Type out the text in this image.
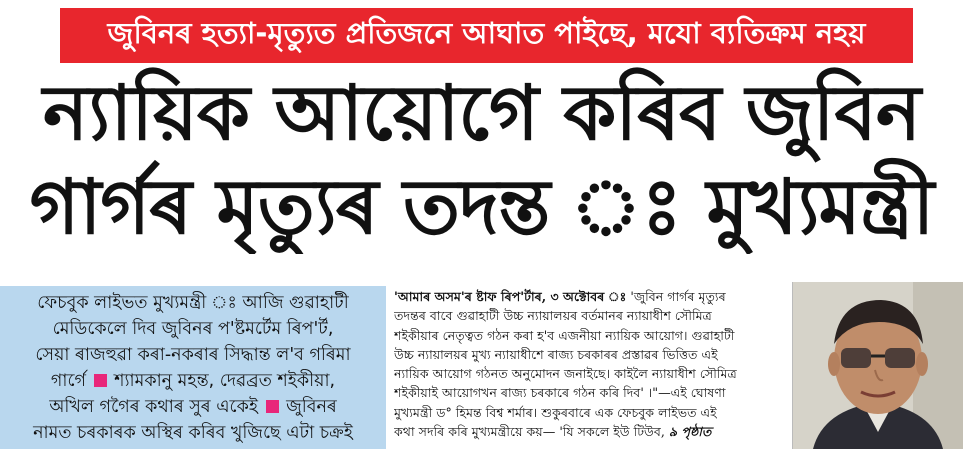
জুবিনৰ হত্যা-মৃত্যুত প্ৰতিজনে আঘাত পাইছে, মযো ব্যতিক্ৰম নহয়
ন্যায়িক আয়োগে কৰিব জুবিন
গাৰ্গৰ মৃত্যুৰ তদন্ত ঃ মুখ্যমন্ত্ৰী
ফেচবুক লাইভত মুখ্যমন্ত্ৰী ঃ আজি গুৱাহাটী
মেডিকেলে দিব জুবিনৰ প'ষ্টমৰ্টেম ৰিপ'ৰ্ট,
সেয়া ৰাজহুৱা কৰা-নকৰাৰ সিদ্ধান্ত ল'ব গৰিমা
গাৰ্গে শ্যামকানু মহন্ত, দেৱব্ৰত শইকীয়া,
অখিল গগৈৰ কথাৰ সুৰ একেই জুবিনৰ
নামত চৰকাৰক অস্থিৰ কৰিব খুজিছে এটা চক্ৰই
'আমাৰ অসম'ৰ ষ্টাফ ৰিপ'ৰ্টাৰ, ৩ অক্টোবৰ ঃ 'জুবিন গাৰ্গৰ মৃত্যুৰ
তদন্তৰ বাবে গুৱাহাটী উচ্চ ন্যায়ালয়ৰ বৰ্তমানৰ ন্যায়াধীশ সৌমিত্ৰ
শইকীয়াৰ নেতৃত্বত গঠন কৰা হ'ব এজনীয়া ন্যায়িক আয়োগ। গুৱাহাটী
উচ্চ ন্যায়ালয়ৰ মুখ্য ন্যায়াধীশে ৰাজ্য চৰকাৰৰ প্ৰস্তাৱৰ ভিত্তিত এই
ন্যায়িক আয়োগ গঠনত অনুমোদন জনাইছে। কাইলৈ ন্যায়াধীশ সৌমিত্ৰ
শইকীয়াই আয়োগখন ৰাজ্য চৰকাৰে গঠন কৰি দিব' ।"—এই ঘোষণা
মুখ্যমন্ত্ৰী ড° হিমন্ত বিশ্ব শৰ্মাৰ। শুকুৰবাৰে এক ফেচবুক লাইভত এই
কথা সদৰি কৰি মুখ্যমন্ত্ৰীয়ে কয়— 'যি সকলে ইউ টিউব, ৯ পৃষ্ঠাত
